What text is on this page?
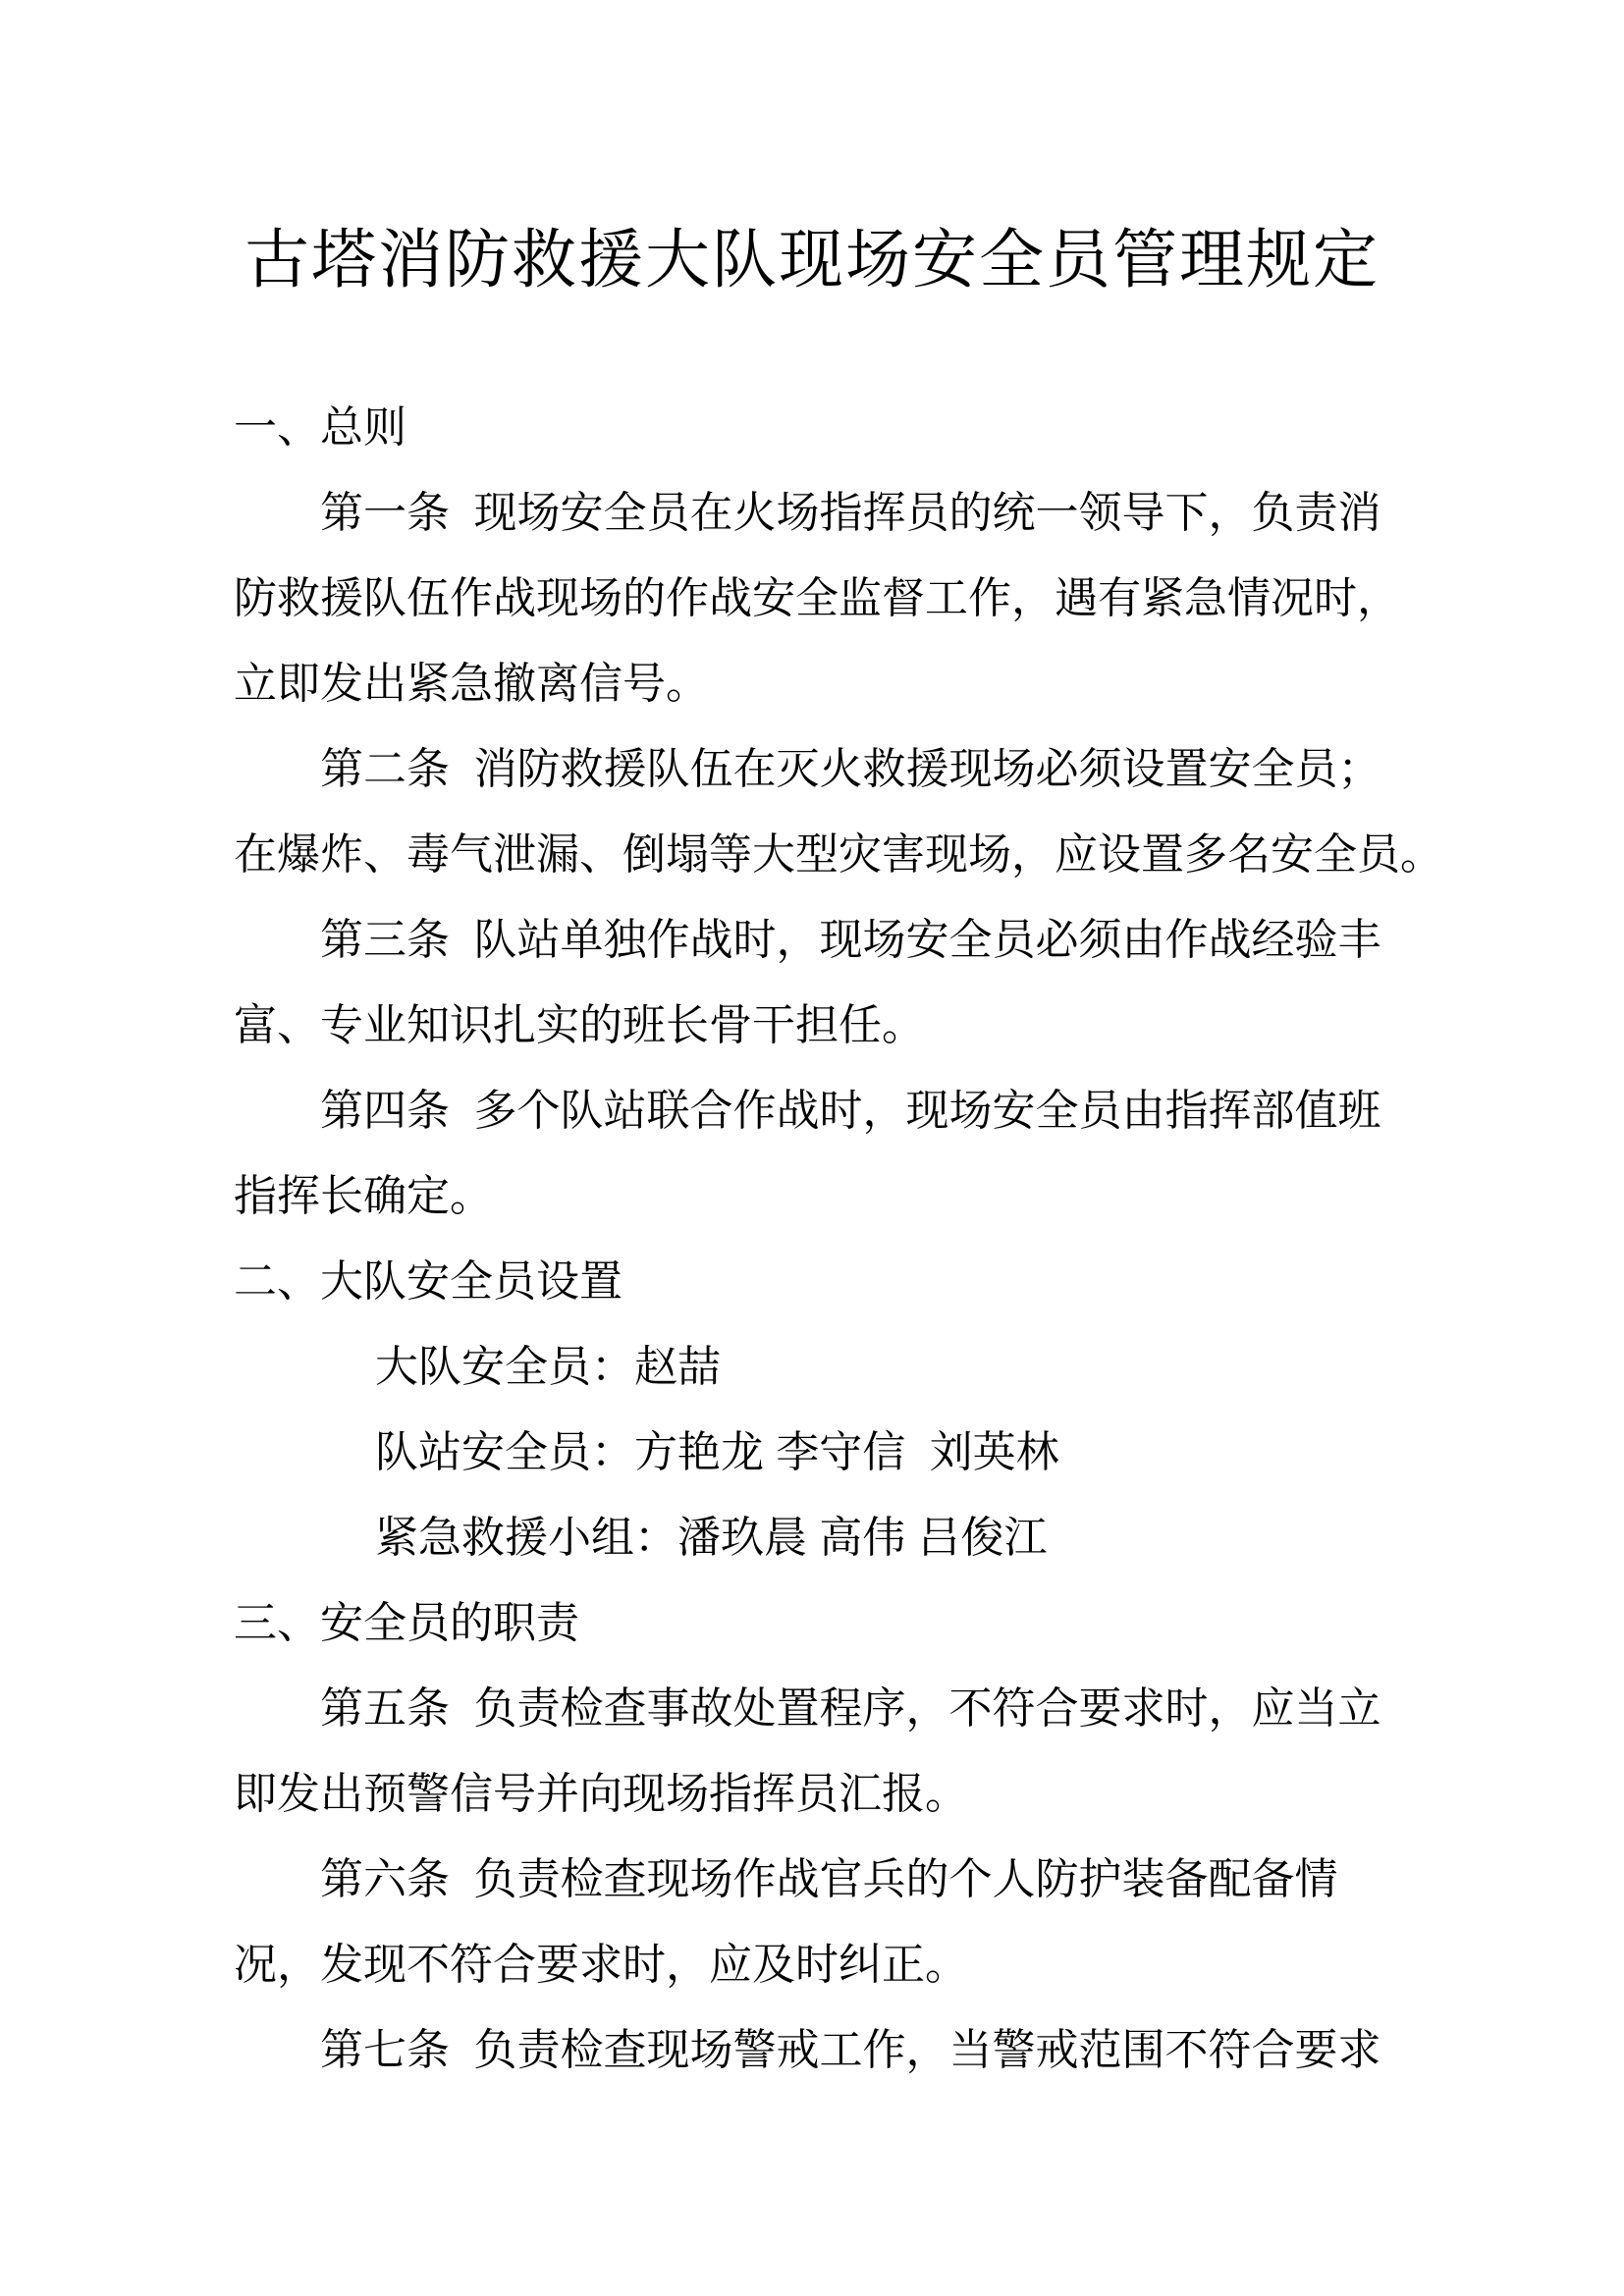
古塔消防救援大队现场安全员管理规定
一、总则
第一条  现场安全员在火场指挥员的统一领导下，负责消
防救援队伍作战现场的作战安全监督工作，遇有紧急情况时，
立即发出紧急撤离信号。
第二条  消防救援队伍在灭火救援现场必须设置安全员；
在爆炸、毒气泄漏、倒塌等大型灾害现场，应设置多名安全员。
第三条  队站单独作战时，现场安全员必须由作战经验丰
富、专业知识扎实的班长骨干担任。
第四条  多个队站联合作战时，现场安全员由指挥部值班
指挥长确定。
二、大队安全员设置
大队安全员：赵喆
队站安全员：方艳龙 李守信  刘英林
紧急救援小组：潘玖晨 高伟 吕俊江
三、安全员的职责
第五条  负责检查事故处置程序，不符合要求时，应当立
即发出预警信号并向现场指挥员汇报。
第六条  负责检查现场作战官兵的个人防护装备配备情
况，发现不符合要求时，应及时纠正。
第七条  负责检查现场警戒工作，当警戒范围不符合要求
